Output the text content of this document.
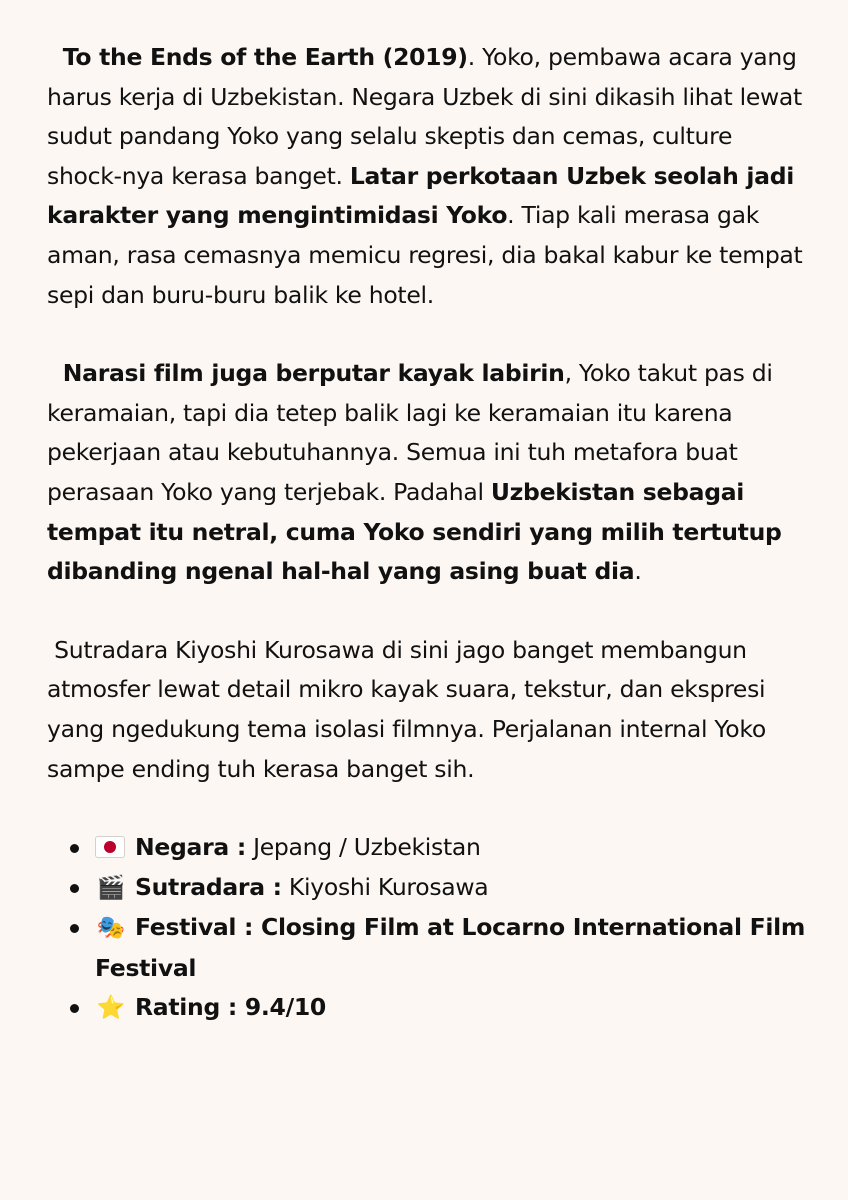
To the Ends of the Earth (2019). Yoko, pembawa acara yang harus kerja di Uzbekistan. Negara Uzbek di sini dikasih lihat lewat sudut pandang Yoko yang selalu skeptis dan cemas, culture shock-nya kerasa banget. Latar perkotaan Uzbek seolah jadi karakter yang mengintimidasi Yoko. Tiap kali merasa gak aman, rasa cemasnya memicu regresi, dia bakal kabur ke tempat sepi dan buru-buru balik ke hotel.

Narasi film juga berputar kayak labirin, Yoko takut pas di keramaian, tapi dia tetep balik lagi ke keramaian itu karena pekerjaan atau kebutuhannya. Semua ini tuh metafora buat perasaan Yoko yang terjebak. Padahal Uzbekistan sebagai tempat itu netral, cuma Yoko sendiri yang milih tertutup dibanding ngenal hal-hal yang asing buat dia.

Sutradara Kiyoshi Kurosawa di sini jago banget membangun atmosfer lewat detail mikro kayak suara, tekstur, dan ekspresi yang ngedukung tema isolasi filmnya. Perjalanan internal Yoko sampe ending tuh kerasa banget sih.

Negara : Jepang / Uzbekistan
🎬 Sutradara : Kiyoshi Kurosawa
🎭 Festival : Closing Film at Locarno International Film Festival
⭐ Rating : 9.4/10
